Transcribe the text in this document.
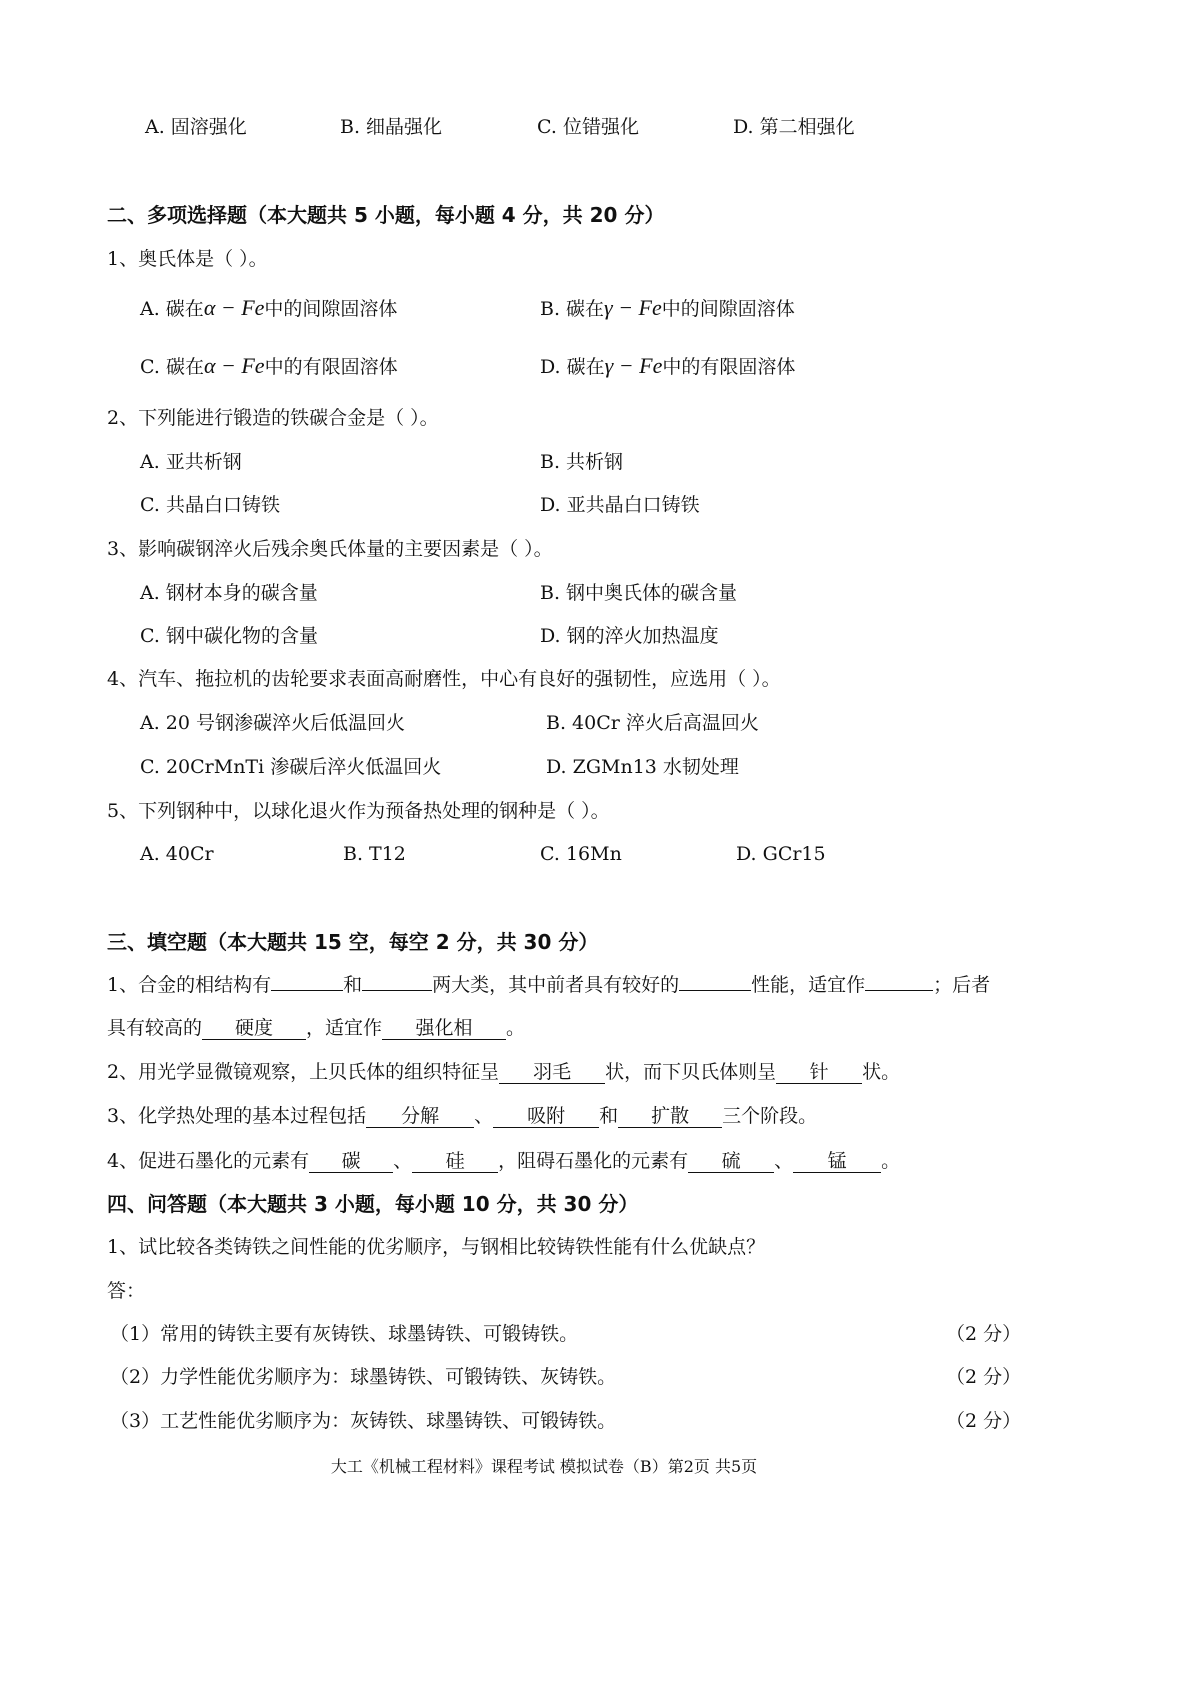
A. 固溶强化	B. 细晶强化	C. 位错强化	D. 第二相强化
二、多项选择题（本大题共 5 小题，每小题 4 分，共 20 分）
1、奥氏体是（ ）。
A. 碳在α − Fe中的间隙固溶体	B. 碳在γ − Fe中的间隙固溶体
C. 碳在α − Fe中的有限固溶体	D. 碳在γ − Fe中的有限固溶体
2、下列能进行锻造的铁碳合金是（ ）。
A. 亚共析钢	B. 共析钢
C. 共晶白口铸铁	D. 亚共晶白口铸铁
3、影响碳钢淬火后残余奥氏体量的主要因素是（ ）。
A. 钢材本身的碳含量	B. 钢中奥氏体的碳含量
C. 钢中碳化物的含量	D. 钢的淬火加热温度
4、汽车、拖拉机的齿轮要求表面高耐磨性，中心有良好的强韧性，应选用（ ）。
A. 20 号钢渗碳淬火后低温回火	B. 40Cr 淬火后高温回火
C. 20CrMnTi 渗碳后淬火低温回火	D. ZGMn13 水韧处理
5、下列钢种中，以球化退火作为预备热处理的钢种是（ ）。
A. 40Cr	B. T12	C. 16Mn	D. GCr15
三、填空题（本大题共 15 空，每空 2 分，共 30 分）
1、合金的相结构有	和	两大类，其中前者具有较好的	性能，适宜作	；后者
具有较高的 硬度 ，适宜作 强化相 。
2、用光学显微镜观察，上贝氏体的组织特征呈 羽毛 状，而下贝氏体则呈 针 状。
3、化学热处理的基本过程包括 分解 、 吸附 和 扩散 三个阶段。
4、促进石墨化的元素有 碳 、 硅 ，阻碍石墨化的元素有 硫 、 锰 。
四、问答题（本大题共 3 小题，每小题 10 分，共 30 分）
1、试比较各类铸铁之间性能的优劣顺序，与钢相比较铸铁性能有什么优缺点？
答：
（1）常用的铸铁主要有灰铸铁、球墨铸铁、可锻铸铁。	（2 分）
（2）力学性能优劣顺序为：球墨铸铁、可锻铸铁、灰铸铁。	（2 分）
（3）工艺性能优劣顺序为：灰铸铁、球墨铸铁、可锻铸铁。	（2 分）
大工《机械工程材料》课程考试 模拟试卷（B）第2页 共5页
